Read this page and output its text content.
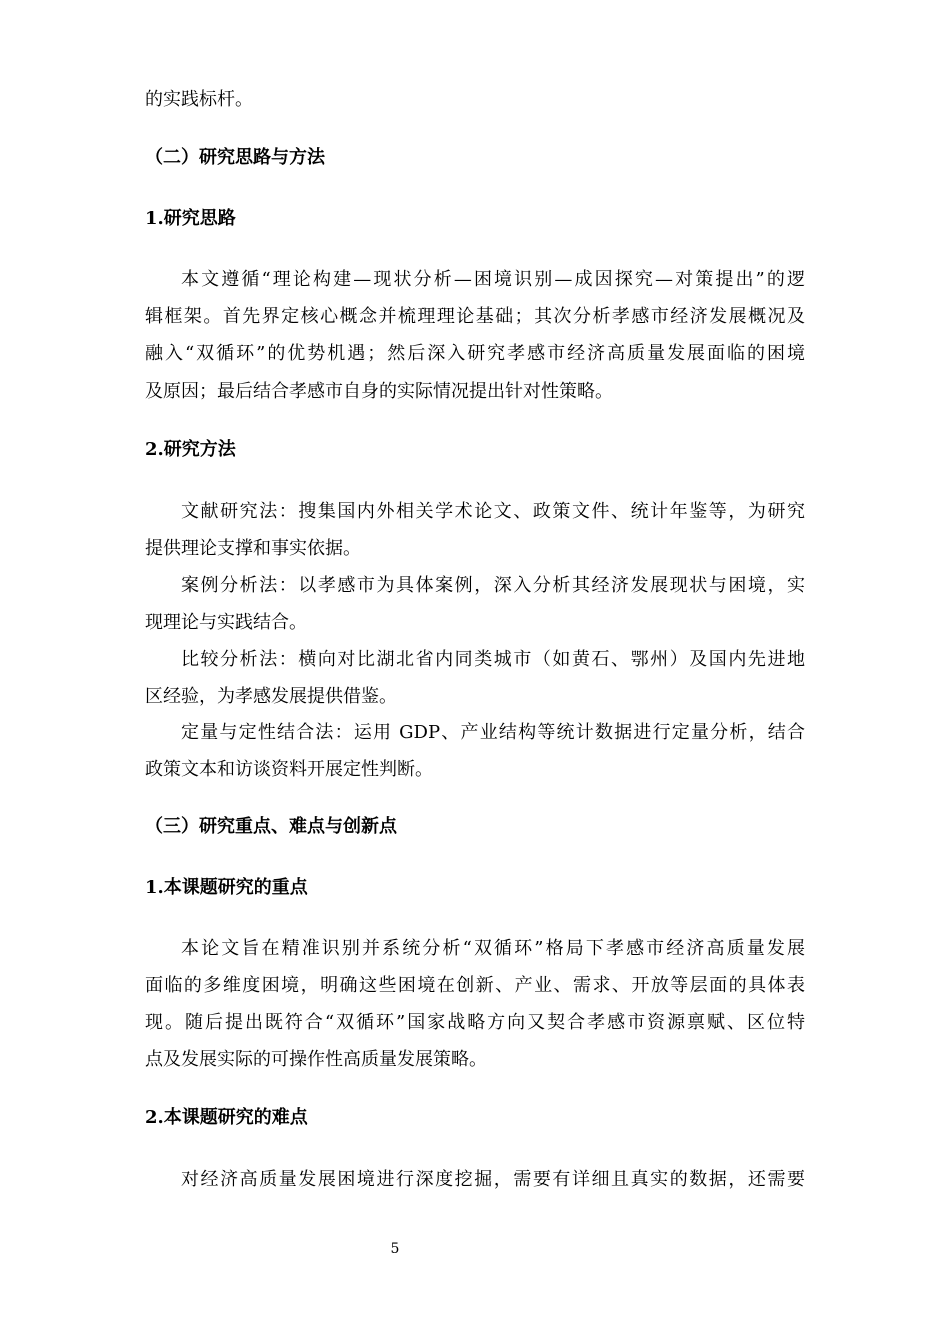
的实践标杆。
（二）研究思路与方法
1.研究思路
本文遵循“理论构建—现状分析—困境识别—成因探究—对策提出”的逻
辑框架。首先界定核心概念并梳理理论基础；其次分析孝感市经济发展概况及
融入“双循环”的优势机遇；然后深入研究孝感市经济高质量发展面临的困境
及原因；最后结合孝感市自身的实际情况提出针对性策略。
2.研究方法
文献研究法：搜集国内外相关学术论文、政策文件、统计年鉴等，为研究
提供理论支撑和事实依据。
案例分析法：以孝感市为具体案例，深入分析其经济发展现状与困境，实
现理论与实践结合。
比较分析法：横向对比湖北省内同类城市（如黄石、鄂州）及国内先进地
区经验，为孝感发展提供借鉴。
定量与定性结合法：运用 GDP、产业结构等统计数据进行定量分析，结合
政策文本和访谈资料开展定性判断。
（三）研究重点、难点与创新点
1.本课题研究的重点
本论文旨在精准识别并系统分析“双循环”格局下孝感市经济高质量发展
面临的多维度困境，明确这些困境在创新、产业、需求、开放等层面的具体表
现。随后提出既符合“双循环”国家战略方向又契合孝感市资源禀赋、区位特
点及发展实际的可操作性高质量发展策略。
2.本课题研究的难点
对经济高质量发展困境进行深度挖掘，需要有详细且真实的数据，还需要
5
